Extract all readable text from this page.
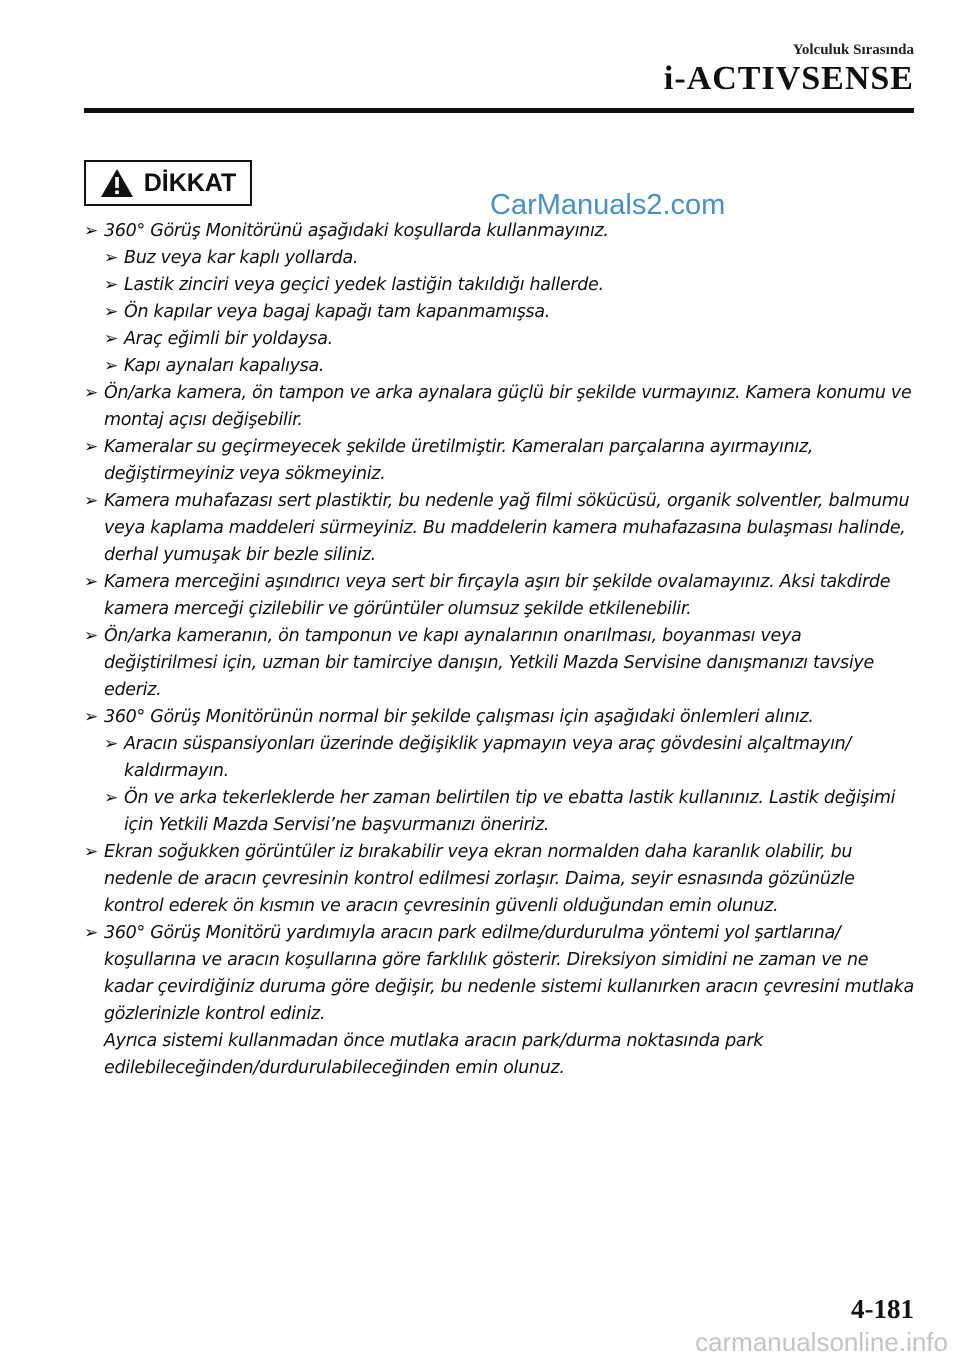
Yolculuk Sırasında
i-ACTIVSENSE
DİKKAT
CarManuals2.com
➢ 360° Görüş Monitörünü aşağıdaki koşullarda kullanmayınız.

➢ Buz veya kar kaplı yollarda.

➢ Lastik zinciri veya geçici yedek lastiğin takıldığı hallerde.

➢ Ön kapılar veya bagaj kapağı tam kapanmamışsa.

➢ Araç eğimli bir yoldaysa.

➢ Kapı aynaları kapalıysa.

➢ Ön/arka kamera, ön tampon ve arka aynalara güçlü bir şekilde vurmayınız. Kamera konumu ve montaj açısı değişebilir.

➢ Kameralar su geçirmeyecek şekilde üretilmiştir. Kameraları parçalarına ayırmayınız, değiştirmeyiniz veya sökmeyiniz.

➢ Kamera muhafazası sert plastiktir, bu nedenle yağ filmi sökücüsü, organik solventler, balmumu veya kaplama maddeleri sürmeyiniz. Bu maddelerin kamera muhafazasına bulaşması halinde, derhal yumuşak bir bezle siliniz.

➢ Kamera merceğini aşındırıcı veya sert bir fırçayla aşırı bir şekilde ovalamayınız. Aksi takdirde kamera merceği çizilebilir ve görüntüler olumsuz şekilde etkilenebilir.

➢ Ön/arka kameranın, ön tamponun ve kapı aynalarının onarılması, boyanması veya değiştirilmesi için, uzman bir tamirciye danışın, Yetkili Mazda Servisine danışmanızı tavsiye ederiz.

➢ 360° Görüş Monitörünün normal bir şekilde çalışması için aşağıdaki önlemleri alınız.

➢ Aracın süspansiyonları üzerinde değişiklik yapmayın veya araç gövdesini alçaltmayın/ kaldırmayın.

➢ Ön ve arka tekerleklerde her zaman belirtilen tip ve ebatta lastik kullanınız. Lastik değişimi için Yetkili Mazda Servisi’ne başvurmanızı öneririz.

➢ Ekran soğukken görüntüler iz bırakabilir veya ekran normalden daha karanlık olabilir, bu nedenle de aracın çevresinin kontrol edilmesi zorlaşır. Daima, seyir esnasında gözünüzle kontrol ederek ön kısmın ve aracın çevresinin güvenli olduğundan emin olunuz.

➢ 360° Görüş Monitörü yardımıyla aracın park edilme/durdurulma yöntemi yol şartlarına/ koşullarına ve aracın koşullarına göre farklılık gösterir. Direksiyon simidini ne zaman ve ne kadar çevirdiğiniz duruma göre değişir, bu nedenle sistemi kullanırken aracın çevresini mutlaka gözlerinizle kontrol ediniz.

Ayrıca sistemi kullanmadan önce mutlaka aracın park/durma noktasında park edilebileceğinden/durdurulabileceğinden emin olunuz.

4-181
carmanualsonline.info
